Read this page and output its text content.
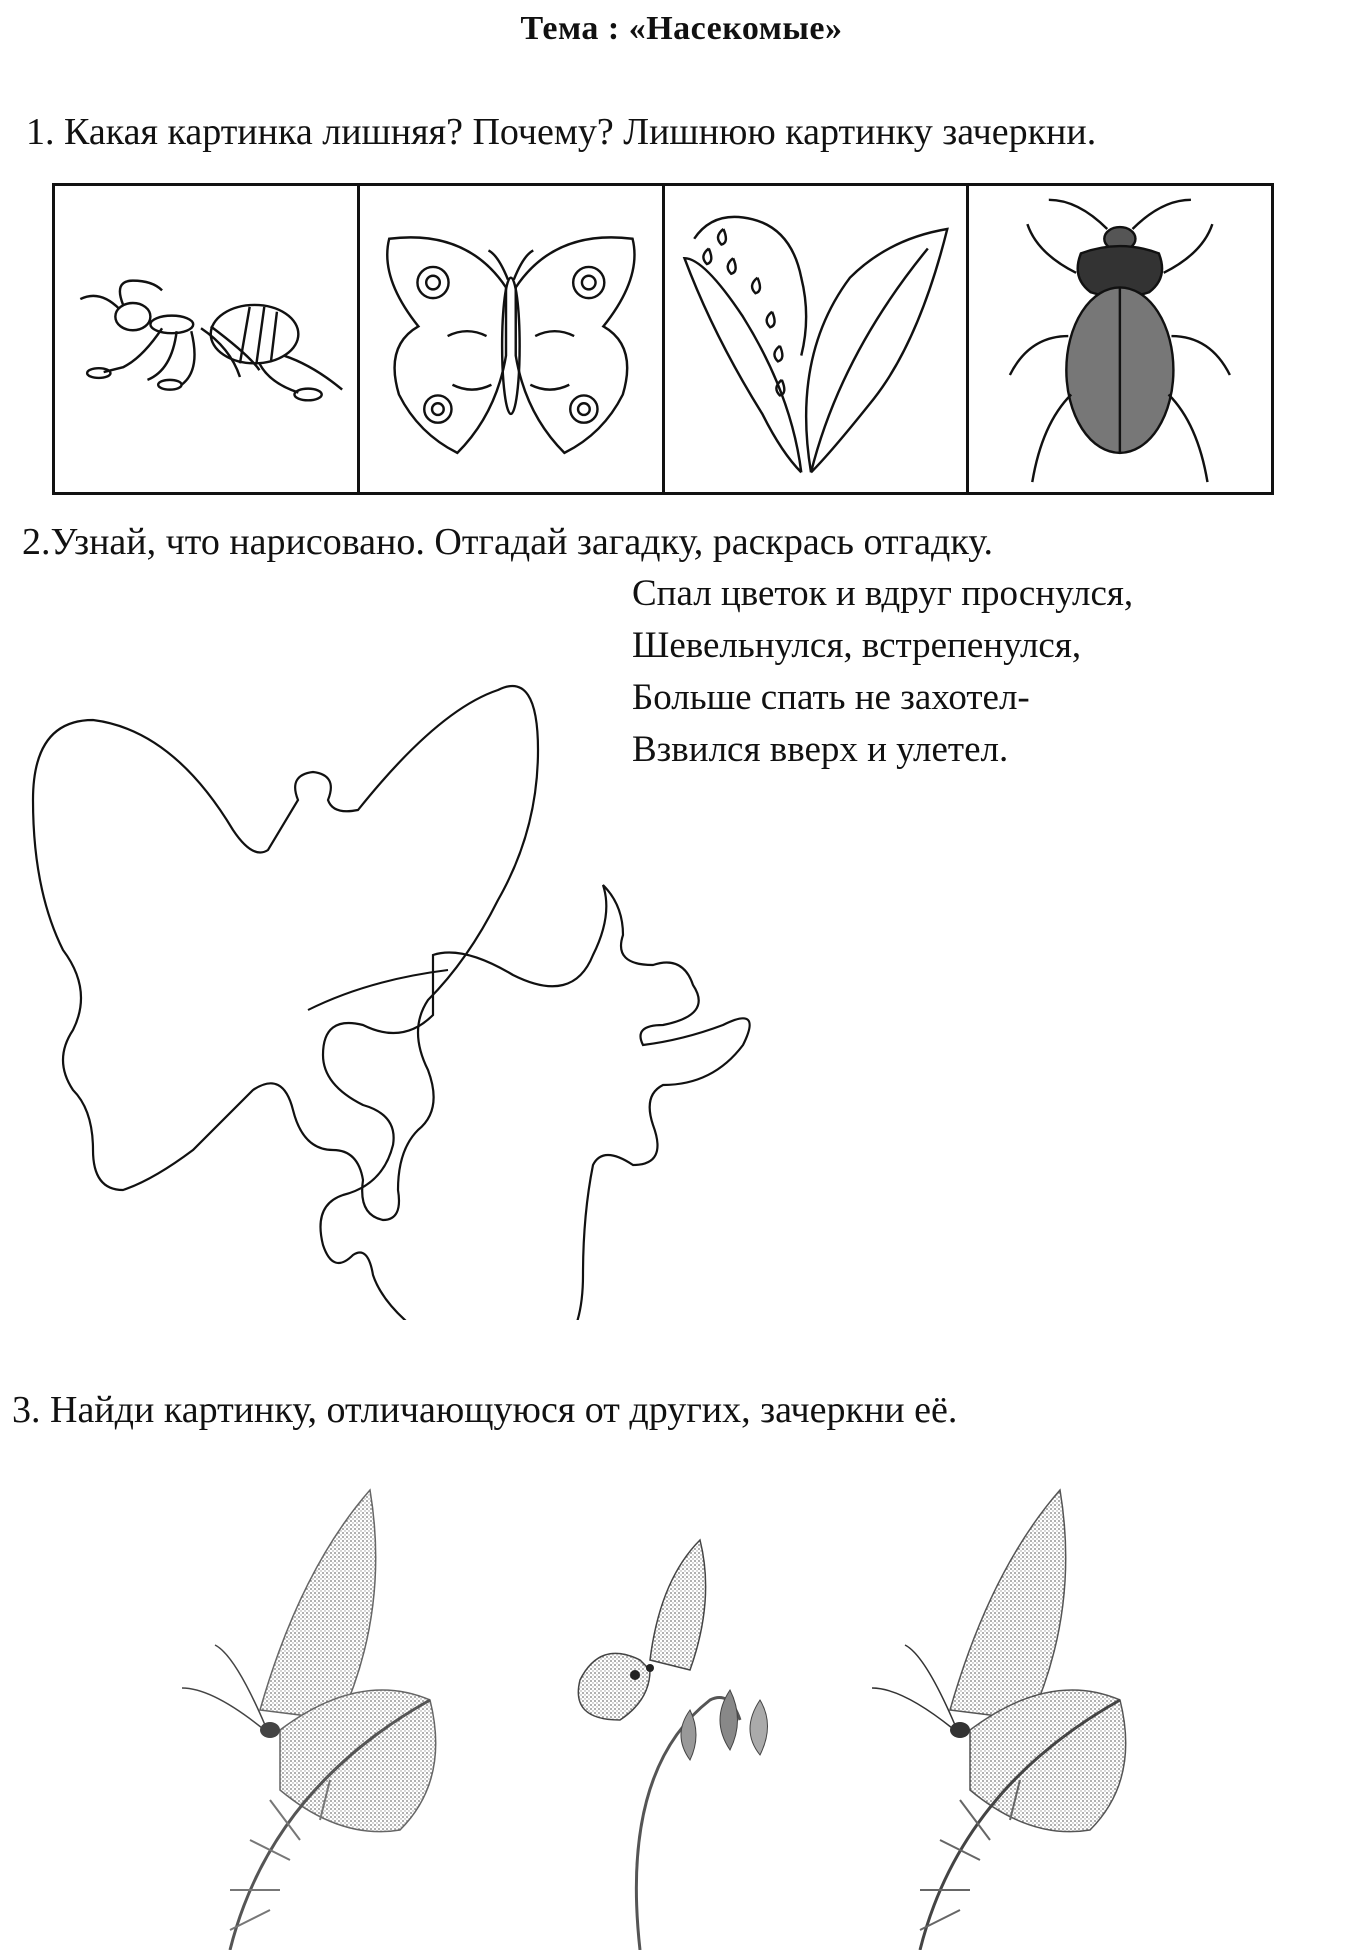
Тема : «Насекомые»
1. Какая картинка лишняя? Почему? Лишнюю картинку зачеркни.
2.Узнай, что нарисовано. Отгадай загадку, раскрась отгадку.
Спал цветок и вдруг проснулся,
Шевельнулся, встрепенулся,
Больше спать не захотел-
Взвился вверх и улетел.
3. Найди картинку, отличающуюся от других, зачеркни её.
